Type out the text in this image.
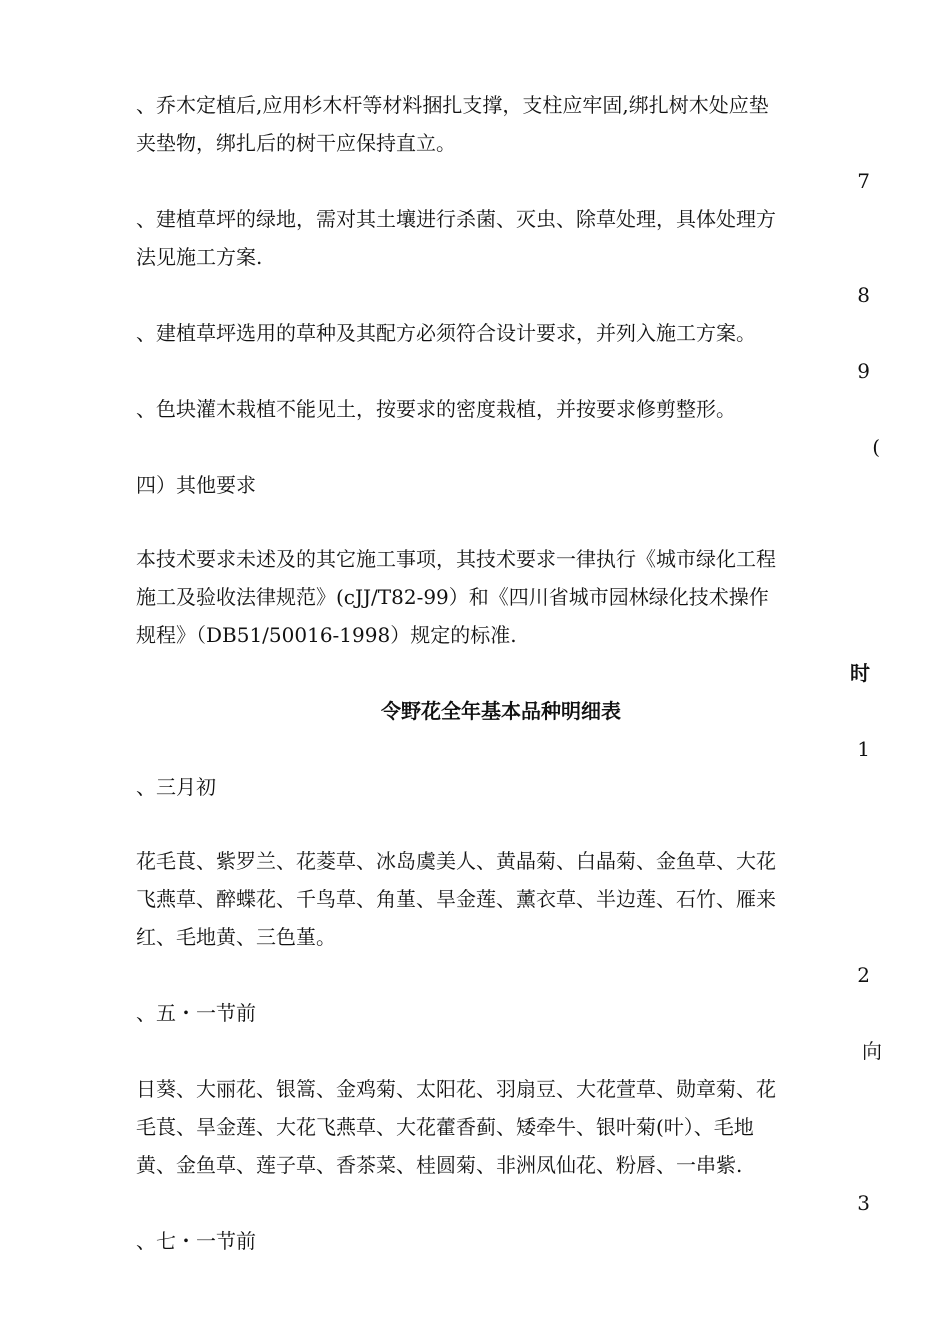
、乔木定植后,应用杉木杆等材料捆扎支撑，支柱应牢固,绑扎树木处应垫
夹垫物，绑扎后的树干应保持直立。
7
、建植草坪的绿地，需对其土壤进行杀菌、灭虫、除草处理，具体处理方
法见施工方案.
8
、建植草坪选用的草种及其配方必须符合设计要求，并列入施工方案。
9
、色块灌木栽植不能见土，按要求的密度栽植，并按要求修剪整形。
(
四）其他要求
本技术要求未述及的其它施工事项，其技术要求一律执行《城市绿化工程
施工及验收法律规范》(cJJ/T82-99）和《四川省城市园林绿化技术操作
规程》（DB51/50016-1998）规定的标准.
时
令野花全年基本品种明细表
1
、三月初
花毛茛、紫罗兰、花菱草、冰岛虞美人、黄晶菊、白晶菊、金鱼草、大花
飞燕草、醉蝶花、千鸟草、角堇、旱金莲、薰衣草、半边莲、石竹、雁来
红、毛地黄、三色堇。
2
、五・一节前
向
日葵、大丽花、银篙、金鸡菊、太阳花、羽扇豆、大花萱草、勋章菊、花
毛茛、旱金莲、大花飞燕草、大花藿香蓟、矮牵牛、银叶菊(叶）、毛地
黄、金鱼草、莲子草、香茶菜、桂圆菊、非洲凤仙花、粉唇、一串紫.
3
、七・一节前
